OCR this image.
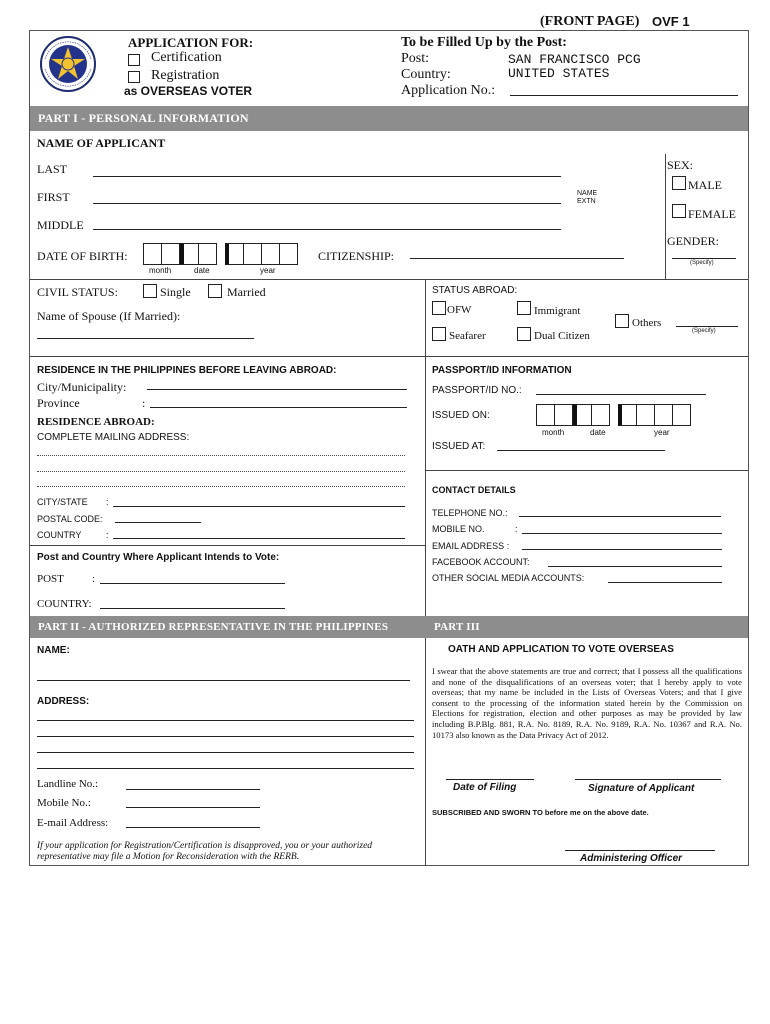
(FRONT PAGE) OVF 1
APPLICATION FOR:
Certification
Registration
as OVERSEAS VOTER
To be Filled Up by the Post:
Post:	SAN FRANCISCO PCG
Country:	UNITED STATES
Application No.:
PART I - PERSONAL INFORMATION
NAME OF APPLICANT
LAST
FIRST	NAME
EXTN
MIDDLE
SEX:
MALE
FEMALE
GENDER:
(Specify)
DATE OF BIRTH:
month	date	year
CITIZENSHIP:
CIVIL STATUS:	Single	Married
Name of Spouse (If Married):
STATUS ABROAD:
OFW	Immigrant
Others
(Specify)
Seafarer	Dual Citizen
RESIDENCE IN THE PHILIPPINES BEFORE LEAVING ABROAD:
City/Municipality:
Province	:
RESIDENCE ABROAD:
COMPLETE MAILING ADDRESS:
CITY/STATE :
POSTAL CODE:
COUNTRY	:
Post and Country Where Applicant Intends to Vote:
POST	:
COUNTRY:
PASSPORT/ID INFORMATION
PASSPORT/ID NO.:
ISSUED ON:
month	date	year
ISSUED AT:
CONTACT DETAILS
TELEPHONE NO.:
MOBILE NO.	:
EMAIL ADDRESS :
FACEBOOK ACCOUNT:
OTHER SOCIAL MEDIA ACCOUNTS:
PART II - AUTHORIZED REPRESENTATIVE IN THE PHILIPPINES	PART III
NAME:
ADDRESS:
Landline No.:
Mobile No.:
E-mail Address:
If your application for Registration/Certification is disapproved, you or your authorized representative may file a Motion for Reconsideration with the RERB.
OATH AND APPLICATION TO VOTE OVERSEAS
I swear that the above statements are true and correct; that I possess all the qualifications and none of the disqualifications of an overseas voter; that I hereby apply to vote overseas; that my name be included in the Lists of Overseas Voters; and that I give consent to the processing of the information stated herein by the Commission on Elections for registration, election and other purposes as may be provided by law including B.P.Blg. 881, R.A. No. 8189, R.A. No. 9189, R.A. No. 10367 and R.A. No. 10173 also known as the Data Privacy Act of 2012.
Date of Filing	Signature of Applicant
SUBSCRIBED AND SWORN TO before me on the above date.
Administering Officer
